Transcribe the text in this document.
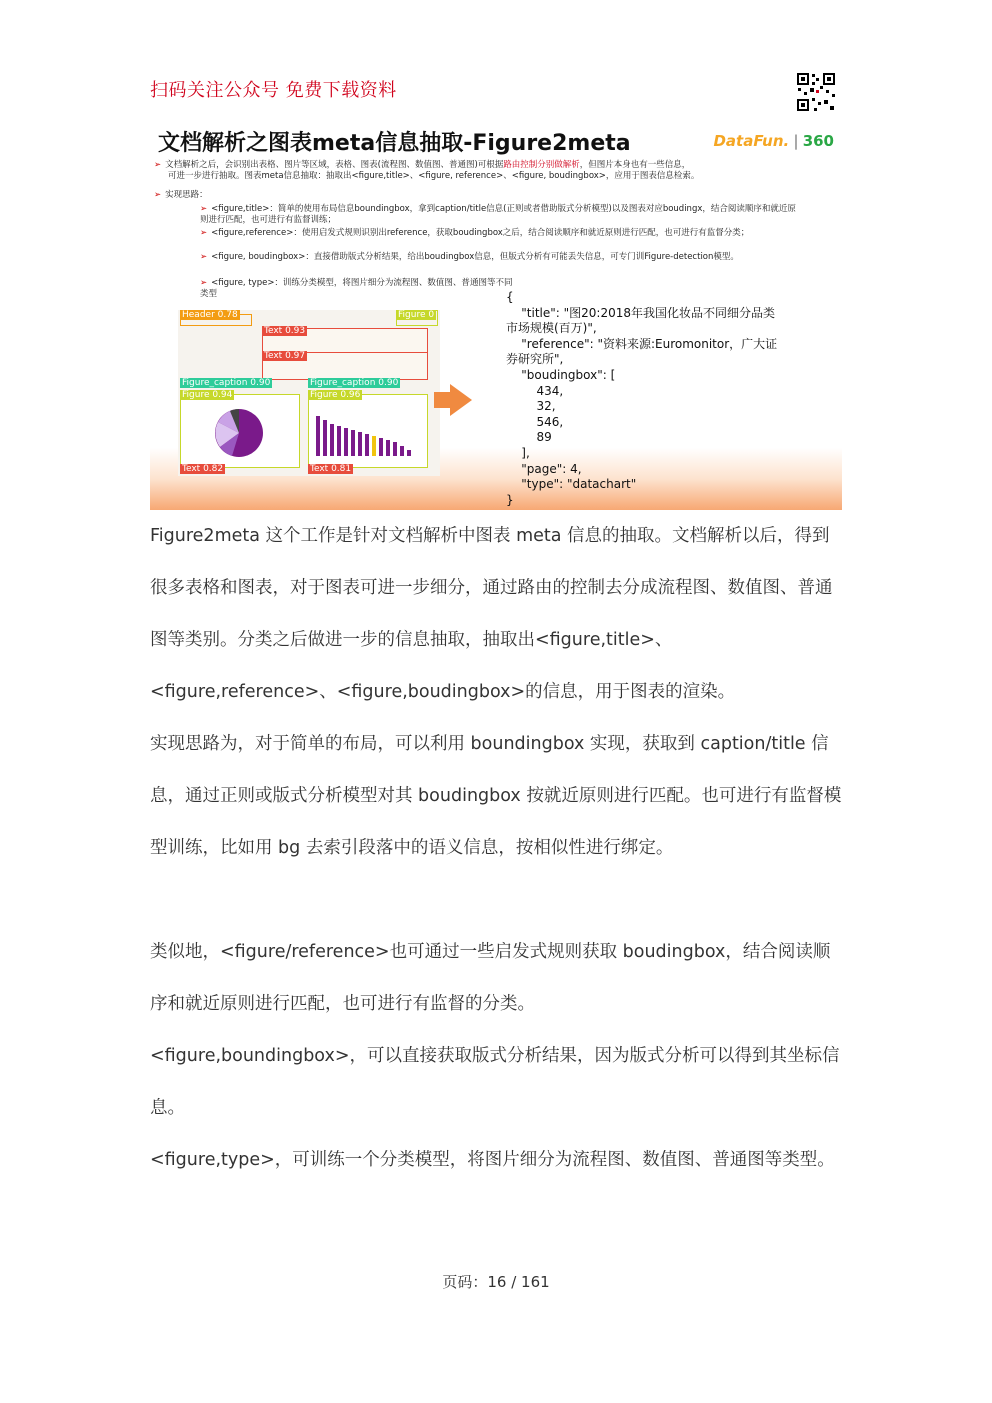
扫码关注公众号 免费下载资料
文档解析之图表meta信息抽取-Figure2meta	DataFun. | 360
➢ 文档解析之后，会识别出表格、图片等区域，表格、图表(流程图、数值图、普通图)可根据路由控制分别做解析，但图片本身也有一些信息，
可进一步进行抽取。图表meta信息抽取：抽取出<figure,title>、<figure, reference>、<figure, boudingbox>，应用于图表信息检索。
➢ 实现思路：
➢ <figure,title>：简单的使用布局信息boundingbox，拿到caption/title信息(正则或者借助版式分析模型)以及图表对应boudingx，结合阅读顺序和就近原则进行匹配，也可进行有监督训练；
➢ <figure,reference>：使用启发式规则识别出reference，获取boudingbox之后，结合阅读顺序和就近原则进行匹配，也可进行有监督分类；
➢ <figure, boudingbox>：直接借助版式分析结果，给出boudingbox信息，但版式分析有可能丢失信息，可专门训Figure-detection模型。
➢ <figure, type>：训练分类模型，将图片细分为流程图、数值图、普通图等不同类型
Header 0.78	Figure 0
Text 0.93
Text 0.97
Figure_caption 0.90	Figure_caption 0.90
Figure 0.94	Figure 0.96
Text 0.82	Text 0.81
{
"title": "图20:2018年我国化妆品不同细分品类
市场规模(百万)",
"reference": "资料来源:Euromonitor，广大证
券研究所",
"boudingbox": [
434,
32,
546,
89
],
"page": 4,
"type": "datachart"
}
Figure2meta 这个工作是针对文档解析中图表 meta 信息的抽取。文档解析以后，得到很多表格和图表，对于图表可进一步细分，通过路由的控制去分成流程图、数值图、普通图等类别。分类之后做进一步的信息抽取，抽取出<figure,title>、<figure,reference>、<figure,boudingbox>的信息，用于图表的渲染。
实现思路为，对于简单的布局，可以利用 boundingbox 实现，获取到 caption/title 信息，通过正则或版式分析模型对其 boudingbox 按就近原则进行匹配。也可进行有监督模型训练，比如用 bg 去索引段落中的语义信息，按相似性进行绑定。
类似地，<figure/reference>也可通过一些启发式规则获取 boudingbox，结合阅读顺序和就近原则进行匹配，也可进行有监督的分类。
<figure,boundingbox>，可以直接获取版式分析结果，因为版式分析可以得到其坐标信息。
<figure,type>，可训练一个分类模型，将图片细分为流程图、数值图、普通图等类型。
页码：16 / 161
